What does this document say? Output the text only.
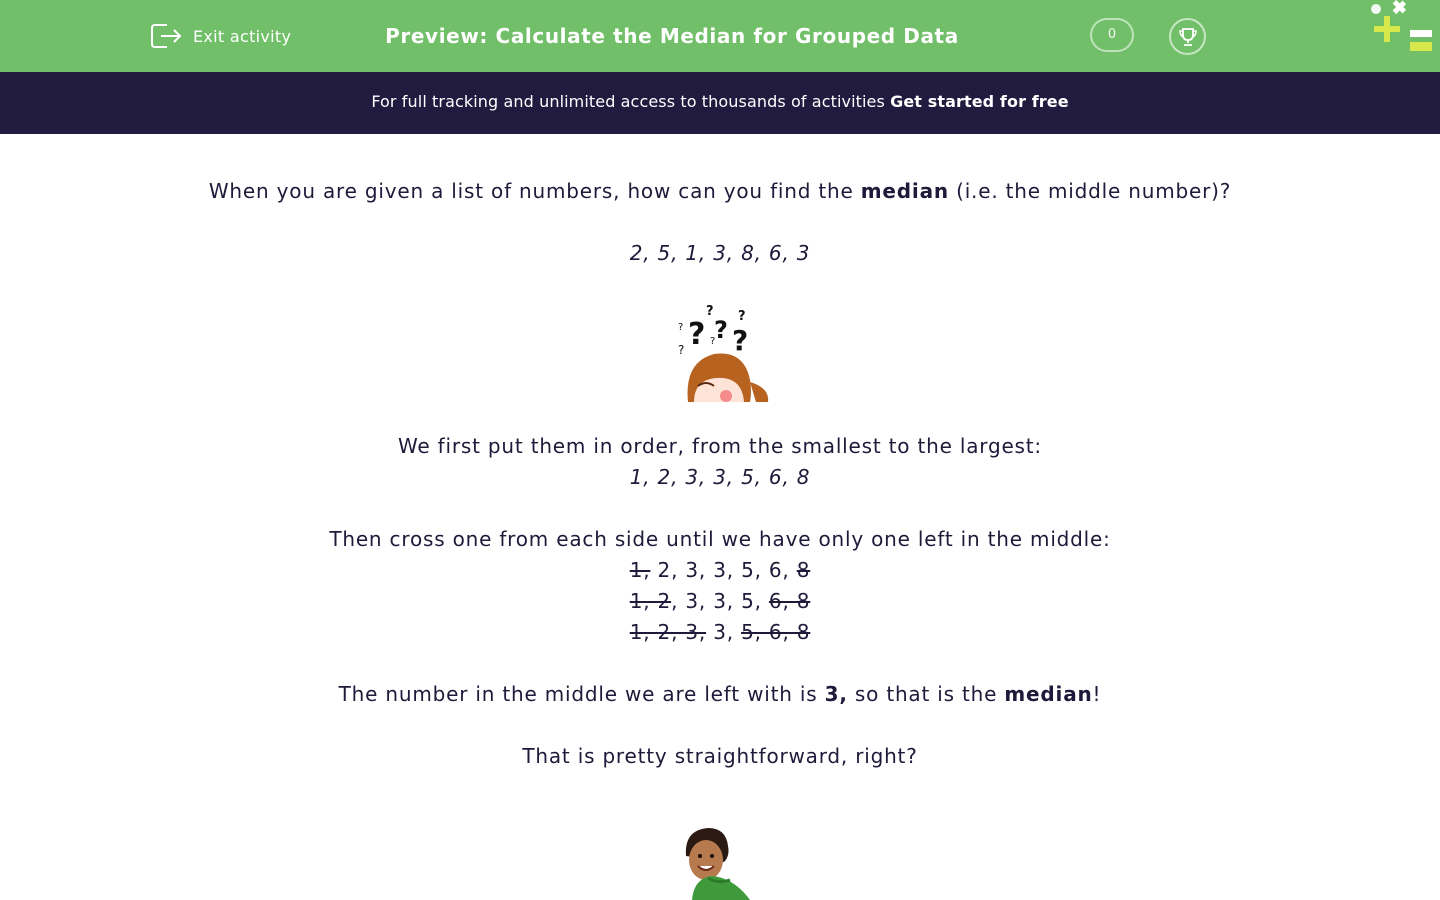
Exit activity	Preview: Calculate the Median for Grouped Data	0
For full tracking and unlimited access to thousands of activities Get started for free
When you are given a list of numbers, how can you find the median (i.e. the middle number)?
2, 5, 1, 3, 8, 6, 3
? ? ?
? ?
?
?
?
We first put them in order, from the smallest to the largest:
1, 2, 3, 3, 5, 6, 8
Then cross one from each side until we have only one left in the middle:
1, 2, 3, 3, 5, 6, 8
1, 2, 3, 3, 5, 6, 8
1, 2, 3, 3, 5, 6, 8
The number in the middle we are left with is 3, so that is the median!
That is pretty straightforward, right?
